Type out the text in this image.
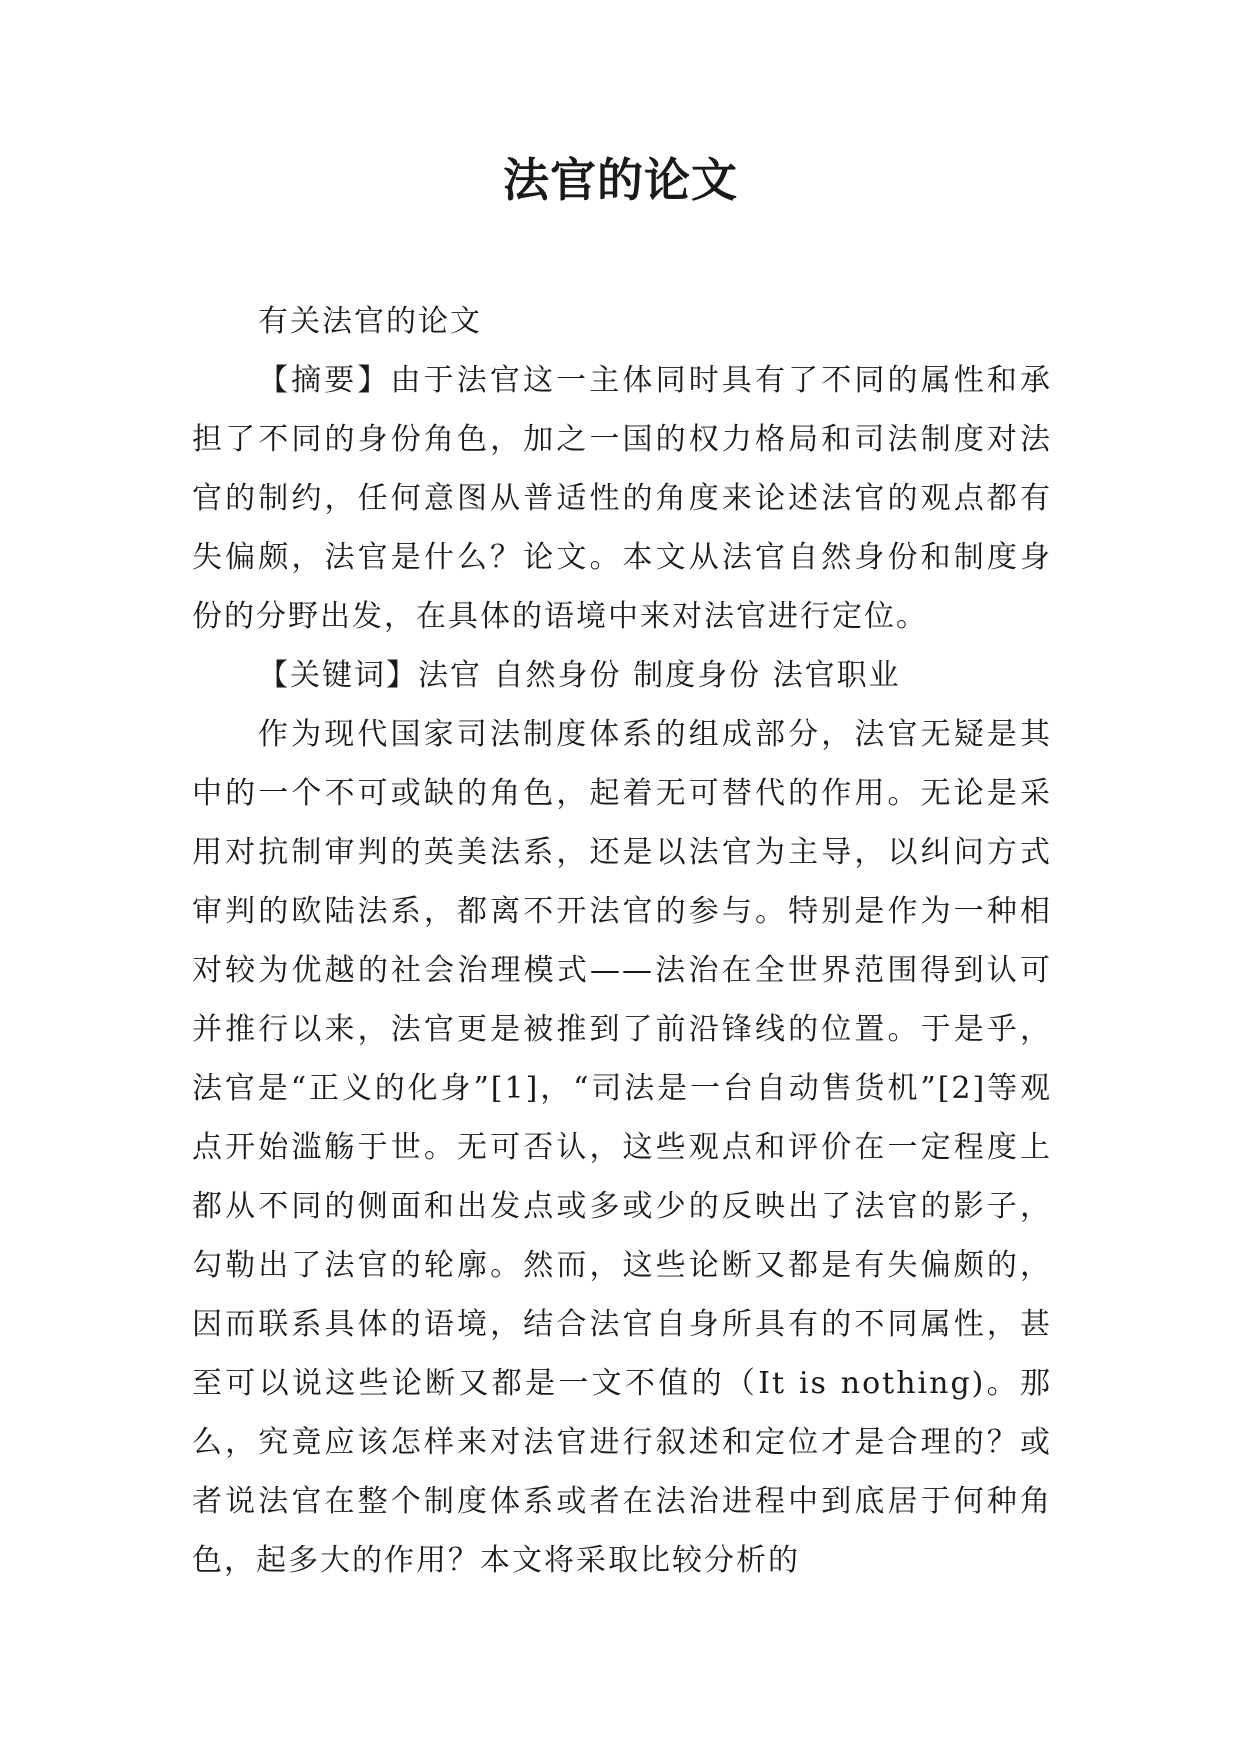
法官的论文

有关法官的论文

【摘要】由于法官这一主体同时具有了不同的属性和承担了不同的身份角色，加之一国的权力格局和司法制度对法官的制约，任何意图从普适性的角度来论述法官的观点都有失偏颇，法官是什么？论文。本文从法官自然身份和制度身份的分野出发，在具体的语境中来对法官进行定位。

【关键词】法官 自然身份 制度身份 法官职业

作为现代国家司法制度体系的组成部分，法官无疑是其中的一个不可或缺的角色，起着无可替代的作用。无论是采用对抗制审判的英美法系，还是以法官为主导，以纠问方式审判的欧陆法系，都离不开法官的参与。特别是作为一种相对较为优越的社会治理模式——法治在全世界范围得到认可并推行以来，法官更是被推到了前沿锋线的位置。于是乎，法官是“正义的化身”[1]，“司法是一台自动售货机”[2]等观点开始滥觞于世。无可否认，这些观点和评价在一定程度上都从不同的侧面和出发点或多或少的反映出了法官的影子，勾勒出了法官的轮廓。然而，这些论断又都是有失偏颇的，因而联系具体的语境，结合法官自身所具有的不同属性，甚至可以说这些论断又都是一文不值的（It is nothing)。那么，究竟应该怎样来对法官进行叙述和定位才是合理的？或者说法官在整个制度体系或者在法治进程中到底居于何种角色，起多大的作用？本文将采取比较分析的
